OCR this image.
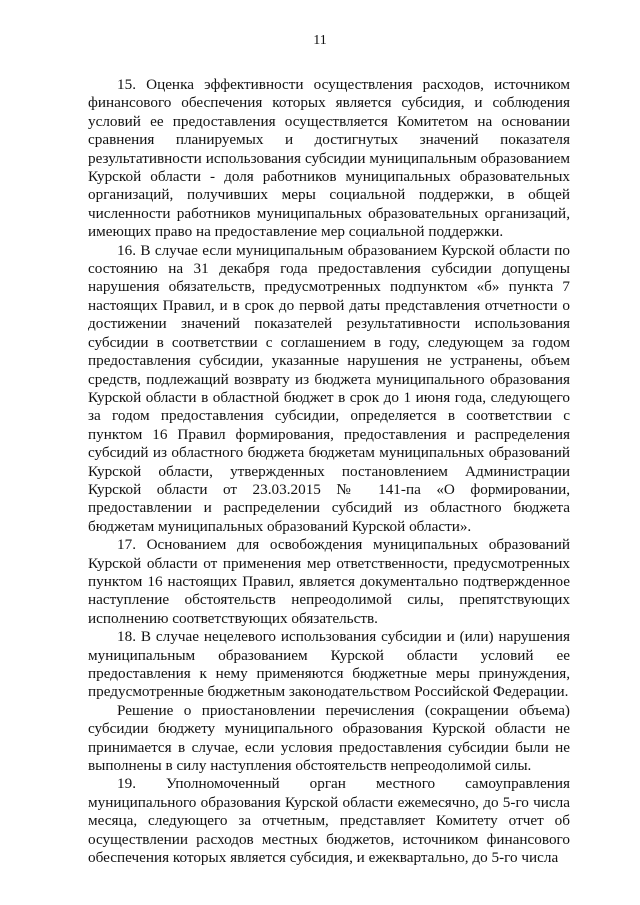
11

15. Оценка эффективности осуществления расходов, источником финансового обеспечения которых является субсидия, и соблюдения условий ее предоставления осуществляется Комитетом на основании сравнения планируемых и достигнутых значений показателя результативности использования субсидии муниципальным образованием Курской области - доля работников муниципальных образовательных организаций, получивших меры социальной поддержки, в общей численности работников муниципальных образовательных организаций, имеющих право на предоставление мер социальной поддержки.

16. В случае если муниципальным образованием Курской области по состоянию на 31 декабря года предоставления субсидии допущены нарушения обязательств, предусмотренных подпунктом «б» пункта 7 настоящих Правил, и в срок до первой даты представления отчетности о достижении значений показателей результативности использования субсидии в соответствии с соглашением в году, следующем за годом предоставления субсидии, указанные нарушения не устранены, объем средств, подлежащий возврату из бюджета муниципального образования Курской области в областной бюджет в срок до 1 июня года, следующего за годом предоставления субсидии, определяется в соответствии с пунктом 16 Правил формирования, предоставления и распределения субсидий из областного бюджета бюджетам муниципальных образований Курской области, утвержденных постановлением Администрации Курской области от 23.03.2015 № 141-па «О формировании, предоставлении и распределении субсидий из областного бюджета бюджетам муниципальных образований Курской области».

17. Основанием для освобождения муниципальных образований Курской области от применения мер ответственности, предусмотренных пунктом 16 настоящих Правил, является документально подтвержденное наступление обстоятельств непреодолимой силы, препятствующих исполнению соответствующих обязательств.

18. В случае нецелевого использования субсидии и (или) нарушения муниципальным образованием Курской области условий ее предоставления к нему применяются бюджетные меры принуждения, предусмотренные бюджетным законодательством Российской Федерации.

Решение о приостановлении перечисления (сокращении объема) субсидии бюджету муниципального образования Курской области не принимается в случае, если условия предоставления субсидии были не выполнены в силу наступления обстоятельств непреодолимой силы.

19. Уполномоченный орган местного самоуправления муниципального образования Курской области ежемесячно, до 5-го числа месяца, следующего за отчетным, представляет Комитету отчет об осуществлении расходов местных бюджетов, источником финансового обеспечения которых является субсидия, и ежеквартально, до 5-го числа
